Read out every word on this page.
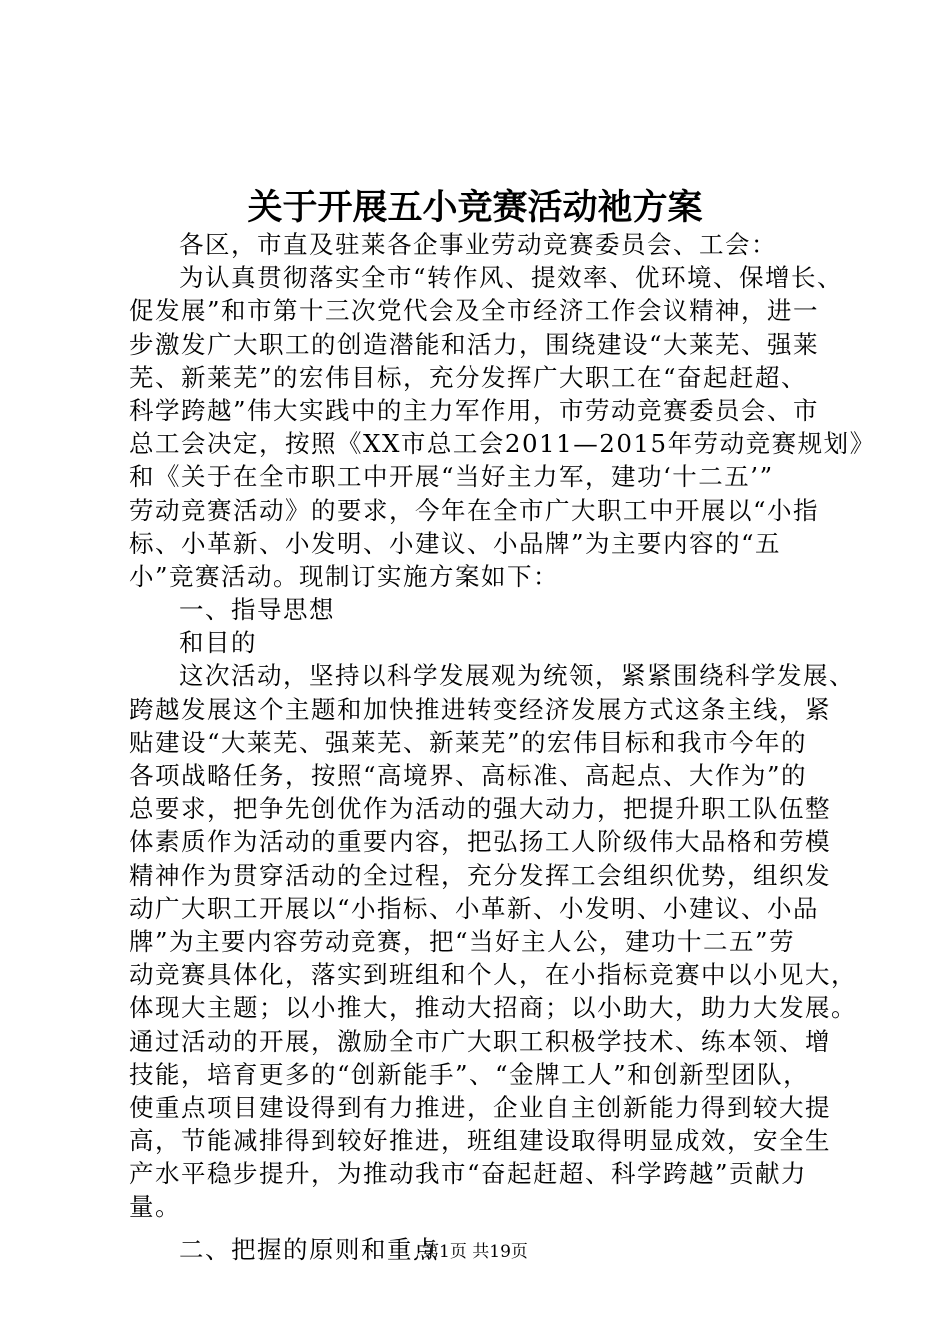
关于开展五小竞赛活动祂方案
各区，市直及驻莱各企事业劳动竞赛委员会、工会：
为认真贯彻落实全市“转作风、提效率、优环境、保增长、
促发展”和市第十三次党代会及全市经济工作会议精神，进一
步激发广大职工的创造潜能和活力，围绕建设“大莱芜、强莱
芜、新莱芜”的宏伟目标，充分发挥广大职工在“奋起赶超、
科学跨越”伟大实践中的主力军作用，市劳动竞赛委员会、市
总工会决定，按照《XX市总工会2011—2015年劳动竞赛规划》
和《关于在全市职工中开展“当好主力军，建功‘十二五’”
劳动竞赛活动》的要求，今年在全市广大职工中开展以“小指
标、小革新、小发明、小建议、小品牌”为主要内容的“五
小”竞赛活动。现制订实施方案如下：
一、指导思想
和目的
这次活动，坚持以科学发展观为统领，紧紧围绕科学发展、
跨越发展这个主题和加快推进转变经济发展方式这条主线，紧
贴建设“大莱芜、强莱芜、新莱芜”的宏伟目标和我市今年的
各项战略任务，按照“高境界、高标准、高起点、大作为”的
总要求，把争先创优作为活动的强大动力，把提升职工队伍整
体素质作为活动的重要内容，把弘扬工人阶级伟大品格和劳模
精神作为贯穿活动的全过程，充分发挥工会组织优势，组织发
动广大职工开展以“小指标、小革新、小发明、小建议、小品
牌”为主要内容劳动竞赛，把“当好主人公，建功十二五”劳
动竞赛具体化，落实到班组和个人，在小指标竞赛中以小见大，
体现大主题；以小推大，推动大招商；以小助大，助力大发展。
通过活动的开展，激励全市广大职工积极学技术、练本领、增
技能，培育更多的“创新能手”、“金牌工人”和创新型团队，
使重点项目建设得到有力推进，企业自主创新能力得到较大提
高，节能减排得到较好推进，班组建设取得明显成效，安全生
产水平稳步提升，为推动我市“奋起赶超、科学跨越”贡献力
量。
二、把握的原则和重点
第1页 共19页
